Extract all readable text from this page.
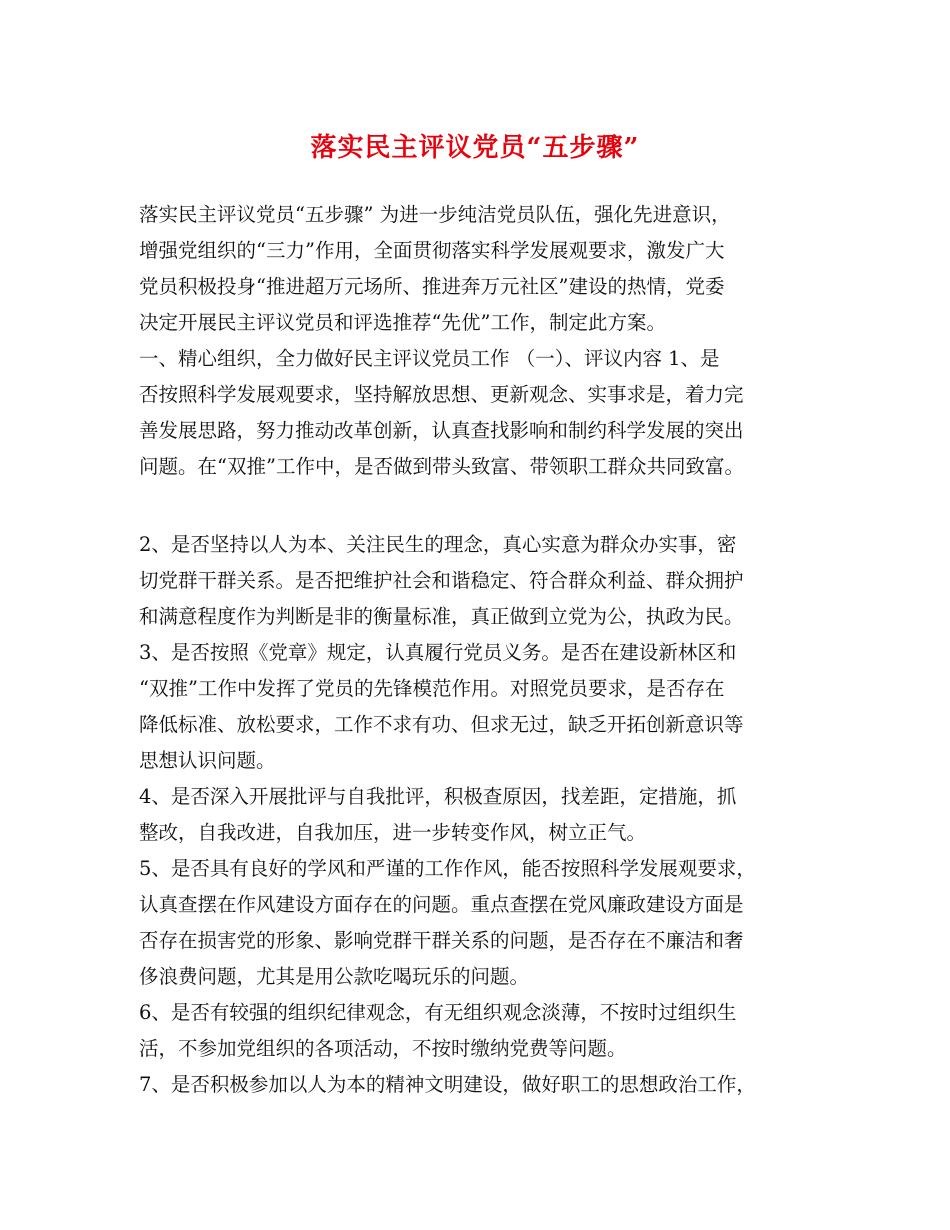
落实民主评议党员“五步骤”
落实民主评议党员“五步骤” 为进一步纯洁党员队伍，强化先进意识，
增强党组织的“三力”作用，全面贯彻落实科学发展观要求，激发广大
党员积极投身“推进超万元场所、推进奔万元社区”建设的热情，党委
决定开展民主评议党员和评选推荐“先优”工作，制定此方案。
一、精心组织，全力做好民主评议党员工作 （一）、评议内容 1、是
否按照科学发展观要求，坚持解放思想、更新观念、实事求是，着力完
善发展思路，努力推动改革创新，认真查找影响和制约科学发展的突出
问题。在“双推”工作中，是否做到带头致富、带领职工群众共同致富。
2、是否坚持以人为本、关注民生的理念，真心实意为群众办实事，密
切党群干群关系。是否把维护社会和谐稳定、符合群众利益、群众拥护
和满意程度作为判断是非的衡量标准，真正做到立党为公，执政为民。
3、是否按照《党章》规定，认真履行党员义务。是否在建设新林区和
“双推”工作中发挥了党员的先锋模范作用。对照党员要求，是否存在
降低标准、放松要求，工作不求有功、但求无过，缺乏开拓创新意识等
思想认识问题。
4、是否深入开展批评与自我批评，积极查原因，找差距，定措施，抓
整改，自我改进，自我加压，进一步转变作风，树立正气。
5、是否具有良好的学风和严谨的工作作风，能否按照科学发展观要求，
认真查摆在作风建设方面存在的问题。重点查摆在党风廉政建设方面是
否存在损害党的形象、影响党群干群关系的问题，是否存在不廉洁和奢
侈浪费问题，尤其是用公款吃喝玩乐的问题。
6、是否有较强的组织纪律观念，有无组织观念淡薄，不按时过组织生
活，不参加党组织的各项活动，不按时缴纳党费等问题。
7、是否积极参加以人为本的精神文明建设，做好职工的思想政治工作，
